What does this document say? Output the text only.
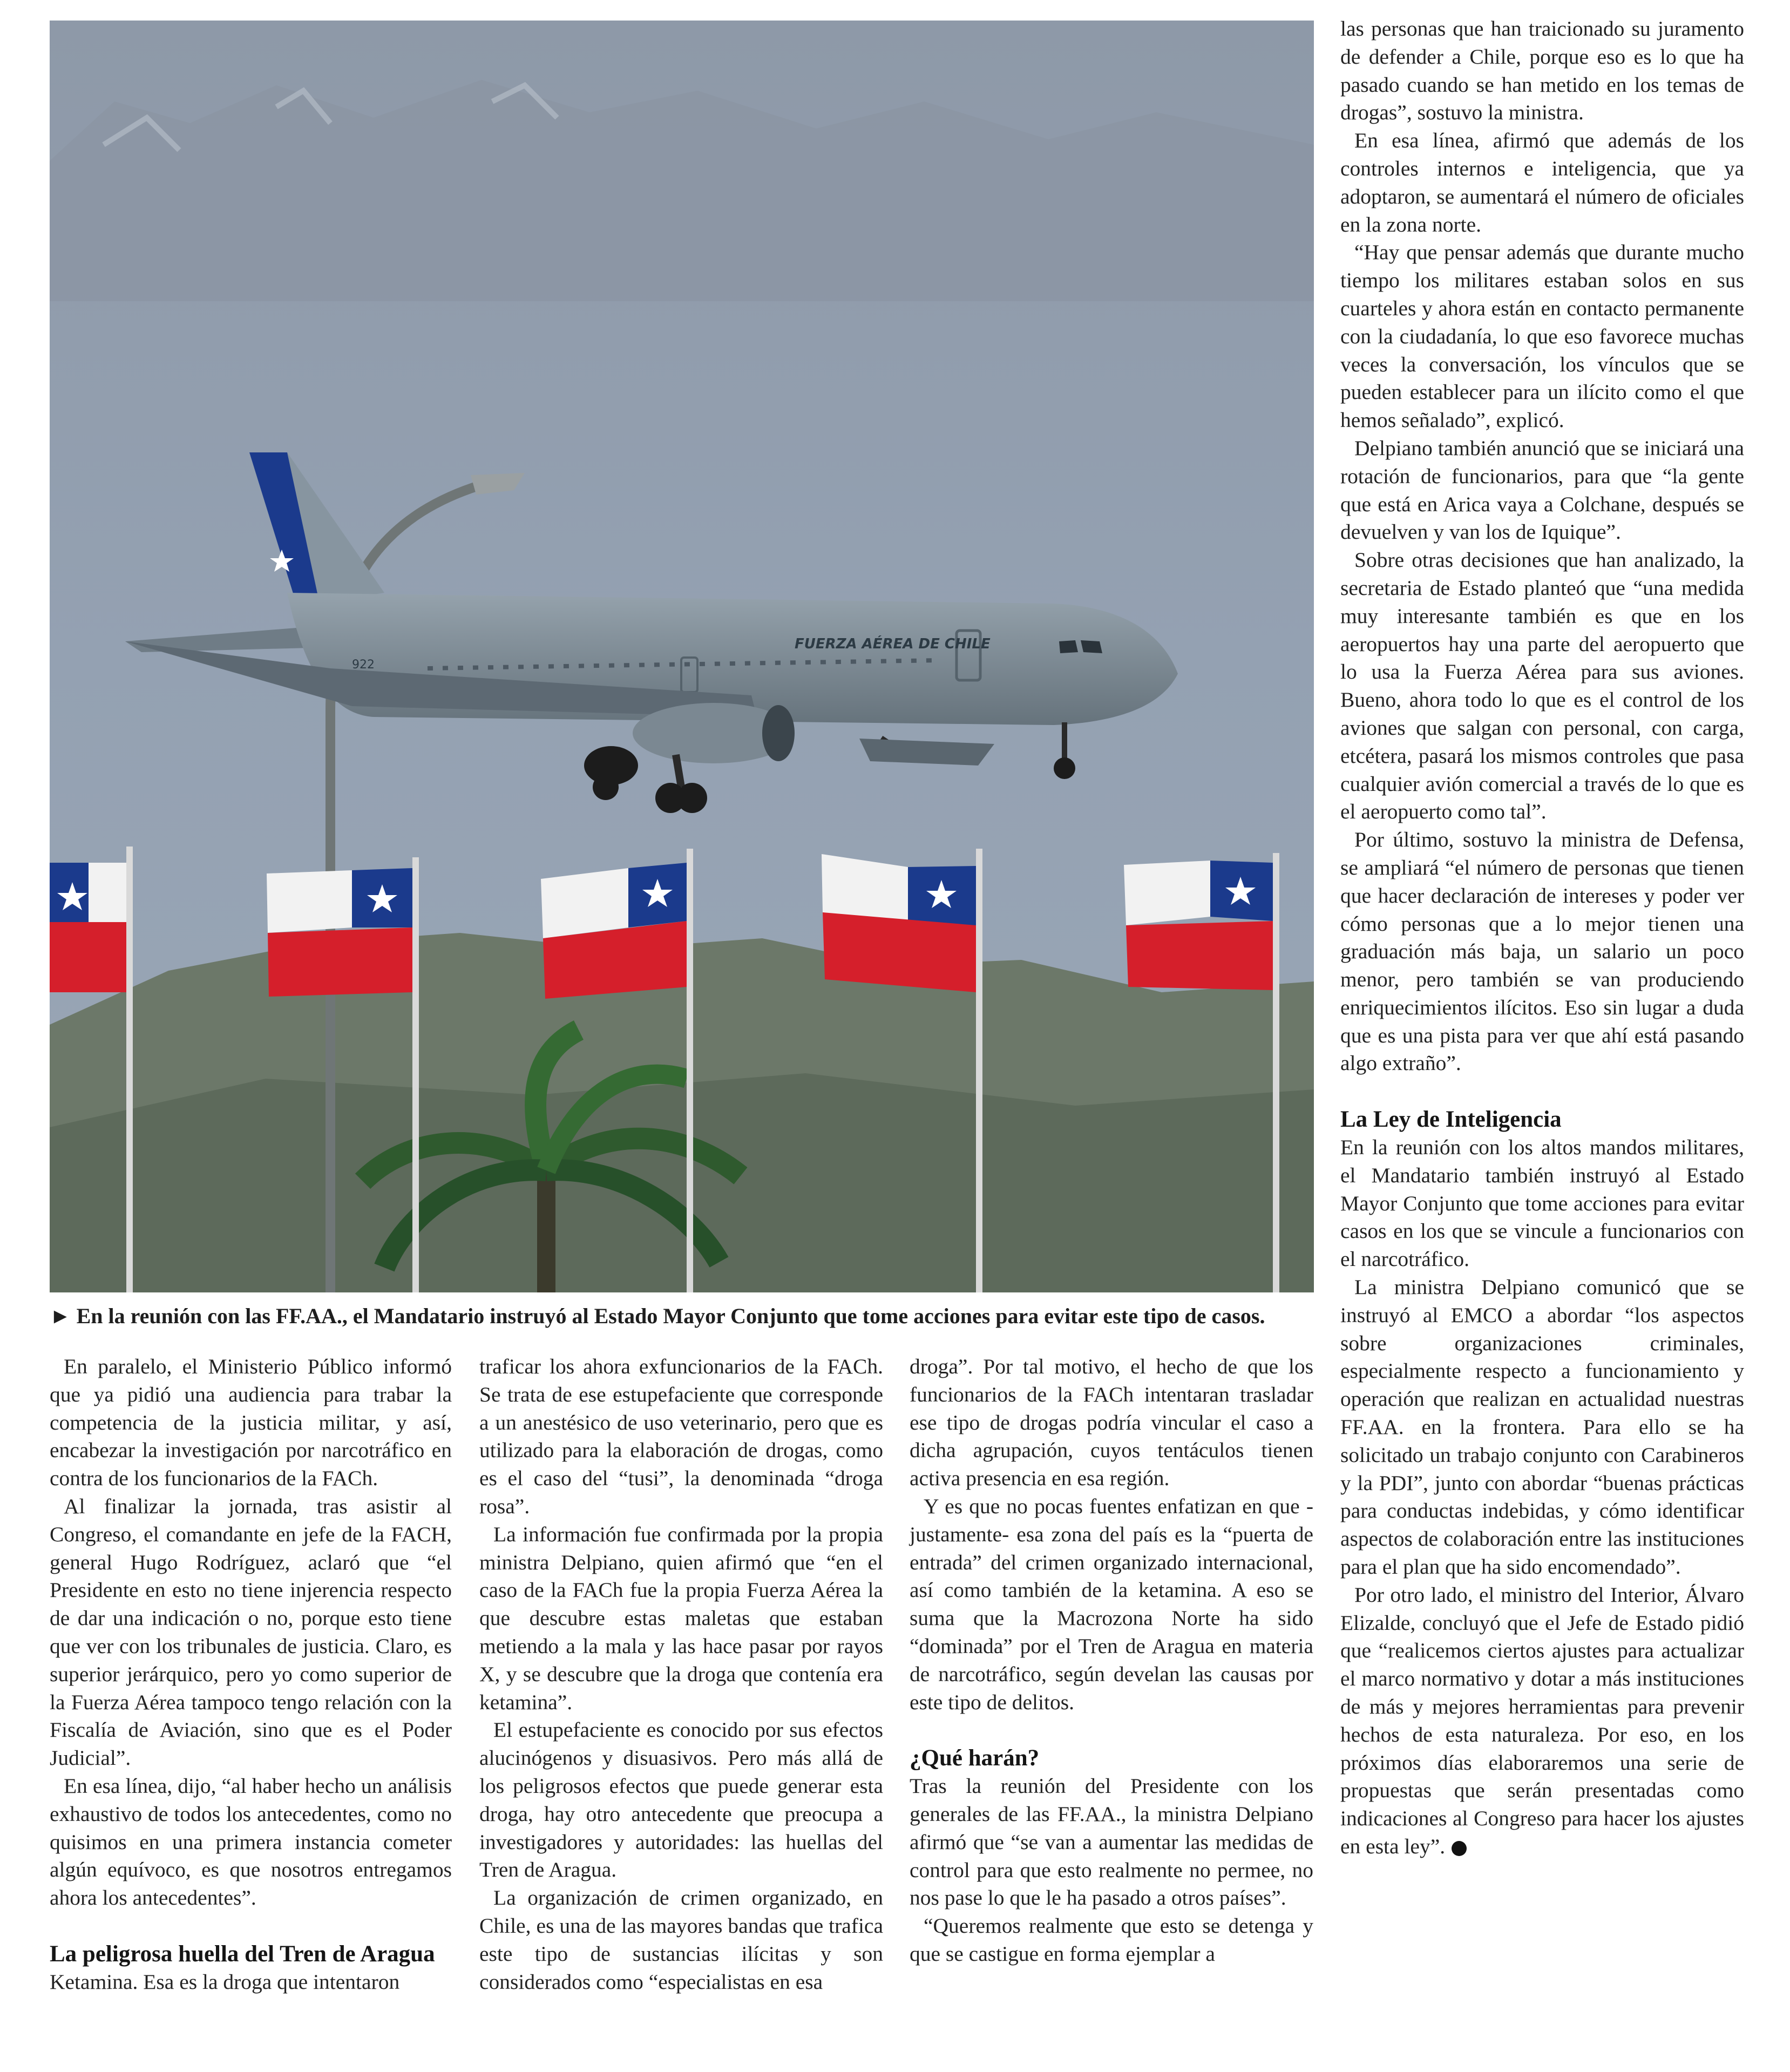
FUERZA AÉREA DE CHILE
922
► En la reunión con las FF.AA., el Mandatario instruyó al Estado Mayor Conjunto que tome acciones para evitar este tipo de casos.

En paralelo, el Ministerio Público informó que ya pidió una audiencia para trabar la competencia de la justicia militar, y así, encabezar la investigación por narcotráfico en contra de los funcionarios de la FACh.

Al finalizar la jornada, tras asistir al Congreso, el comandante en jefe de la FACH, general Hugo Rodríguez, aclaró que “el Presidente en esto no tiene injerencia respecto de dar una indicación o no, porque esto tiene que ver con los tribunales de justicia. Claro, es superior jerárquico, pero yo como superior de la Fuerza Aérea tampoco tengo relación con la Fiscalía de Aviación, sino que es el Poder Judicial”.

En esa línea, dijo, “al haber hecho un análisis exhaustivo de todos los antecedentes, como no quisimos en una primera instancia cometer algún equívoco, es que nosotros entregamos ahora los antecedentes”.

La peligrosa huella del Tren de Aragua

Ketamina. Esa es la droga que intentaron

traficar los ahora exfuncionarios de la FACh. Se trata de ese estupefaciente que corresponde a un anestésico de uso veterinario, pero que es utilizado para la elaboración de drogas, como es el caso del “tusi”, la denominada “droga rosa”.

La información fue confirmada por la propia ministra Delpiano, quien afirmó que “en el caso de la FACh fue la propia Fuerza Aérea la que descubre estas maletas que estaban metiendo a la mala y las hace pasar por rayos X, y se descubre que la droga que contenía era ketamina”.

El estupefaciente es conocido por sus efectos alucinógenos y disuasivos. Pero más allá de los peligrosos efectos que puede generar esta droga, hay otro antecedente que preocupa a investigadores y autoridades: las huellas del Tren de Aragua.

La organización de crimen organizado, en Chile, es una de las mayores bandas que trafica este tipo de sustancias ilícitas y son considerados como “especialistas en esa

droga”. Por tal motivo, el hecho de que los funcionarios de la FACh intentaran trasladar ese tipo de drogas podría vincular el caso a dicha agrupación, cuyos tentáculos tienen activa presencia en esa región.

Y es que no pocas fuentes enfatizan en que -justamente- esa zona del país es la “puerta de entrada” del crimen organizado internacional, así como también de la ketamina. A eso se suma que la Macrozona Norte ha sido “dominada” por el Tren de Aragua en materia de narcotráfico, según develan las causas por este tipo de delitos.

¿Qué harán?

Tras la reunión del Presidente con los generales de las FF.AA., la ministra Delpiano afirmó que “se van a aumentar las medidas de control para que esto realmente no permee, no nos pase lo que le ha pasado a otros países”.

“Queremos realmente que esto se detenga y que se castigue en forma ejemplar a

las personas que han traicionado su juramento de defender a Chile, porque eso es lo que ha pasado cuando se han metido en los temas de drogas”, sostuvo la ministra.

En esa línea, afirmó que además de los controles internos e inteligencia, que ya adoptaron, se aumentará el número de oficiales en la zona norte.

“Hay que pensar además que durante mucho tiempo los militares estaban solos en sus cuarteles y ahora están en contacto permanente con la ciudadanía, lo que eso favorece muchas veces la conversación, los vínculos que se pueden establecer para un ilícito como el que hemos señalado”, explicó.

Delpiano también anunció que se iniciará una rotación de funcionarios, para que “la gente que está en Arica vaya a Colchane, después se devuelven y van los de Iquique”.

Sobre otras decisiones que han analizado, la secretaria de Estado planteó que “una medida muy interesante también es que en los aeropuertos hay una parte del aeropuerto que lo usa la Fuerza Aérea para sus aviones. Bueno, ahora todo lo que es el control de los aviones que salgan con personal, con carga, etcétera, pasará los mismos controles que pasa cualquier avión comercial a través de lo que es el aeropuerto como tal”.

Por último, sostuvo la ministra de Defensa, se ampliará “el número de personas que tienen que hacer declaración de intereses y poder ver cómo personas que a lo mejor tienen una graduación más baja, un salario un poco menor, pero también se van produciendo enriquecimientos ilícitos. Eso sin lugar a duda que es una pista para ver que ahí está pasando algo extraño”.

La Ley de Inteligencia

En la reunión con los altos mandos militares, el Mandatario también instruyó al Estado Mayor Conjunto que tome acciones para evitar casos en los que se vincule a funcionarios con el narcotráfico.

La ministra Delpiano comunicó que se instruyó al EMCO a abordar “los aspectos sobre organizaciones criminales, especialmente respecto a funcionamiento y operación que realizan en actualidad nuestras FF.AA. en la frontera. Para ello se ha solicitado un trabajo conjunto con Carabineros y la PDI”, junto con abordar “buenas prácticas para conductas indebidas, y cómo identificar aspectos de colaboración entre las instituciones para el plan que ha sido encomendado”.

Por otro lado, el ministro del Interior, Álvaro Elizalde, concluyó que el Jefe de Estado pidió que “realicemos ciertos ajustes para actualizar el marco normativo y dotar a más instituciones de más y mejores herramientas para prevenir hechos de esta naturaleza. Por eso, en los próximos días elaboraremos una serie de propuestas que serán presentadas como indicaciones al Congreso para hacer los ajustes en esta ley”.
